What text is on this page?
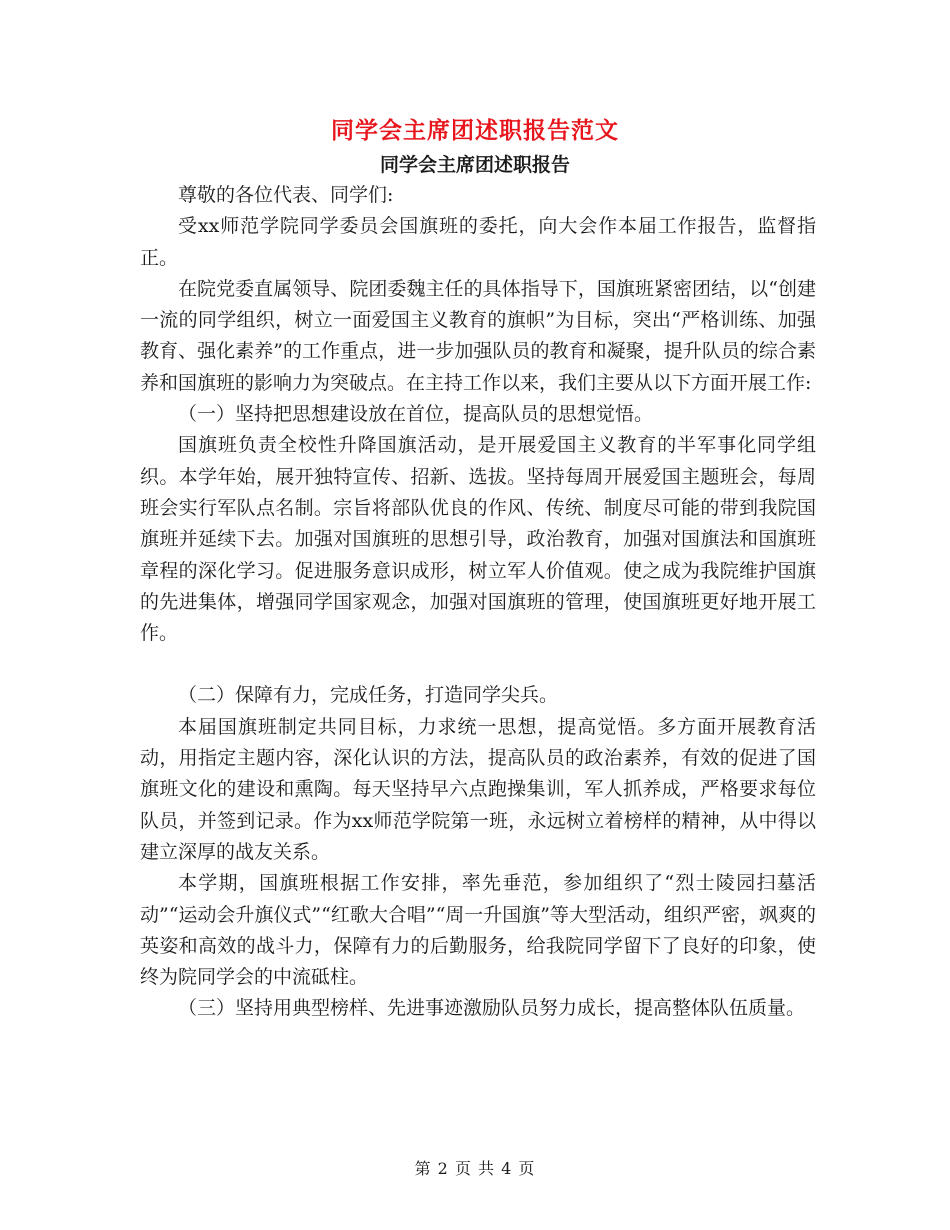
同学会主席团述职报告范文
同学会主席团述职报告

尊敬的各位代表、同学们:

受xx师范学院同学委员会国旗班的委托，向大会作本届工作报告，监督指正。

在院党委直属领导、院团委魏主任的具体指导下，国旗班紧密团结，以“创建一流的同学组织，树立一面爱国主义教育的旗帜”为目标，突出“严格训练、加强教育、强化素养”的工作重点，进一步加强队员的教育和凝聚，提升队员的综合素养和国旗班的影响力为突破点。在主持工作以来，我们主要从以下方面开展工作:

（一）坚持把思想建设放在首位，提高队员的思想觉悟。

国旗班负责全校性升降国旗活动，是开展爱国主义教育的半军事化同学组织。本学年始，展开独特宣传、招新、选拔。坚持每周开展爱国主题班会，每周班会实行军队点名制。宗旨将部队优良的作风、传统、制度尽可能的带到我院国旗班并延续下去。加强对国旗班的思想引导，政治教育，加强对国旗法和国旗班章程的深化学习。促进服务意识成形，树立军人价值观。使之成为我院维护国旗的先进集体，增强同学国家观念，加强对国旗班的管理，使国旗班更好地开展工作。

（二）保障有力，完成任务，打造同学尖兵。

本届国旗班制定共同目标，力求统一思想，提高觉悟。多方面开展教育活动，用指定主题内容，深化认识的方法，提高队员的政治素养，有效的促进了国旗班文化的建设和熏陶。每天坚持早六点跑操集训，军人抓养成，严格要求每位队员，并签到记录。作为xx师范学院第一班，永远树立着榜样的精神，从中得以建立深厚的战友关系。

本学期，国旗班根据工作安排，率先垂范，参加组织了“烈士陵园扫墓活动”“运动会升旗仪式”“红歌大合唱”“周一升国旗”等大型活动，组织严密，飒爽的英姿和高效的战斗力，保障有力的后勤服务，给我院同学留下了良好的印象，使终为院同学会的中流砥柱。

（三）坚持用典型榜样、先进事迹激励队员努力成长，提高整体队伍质量。

第 2 页 共 4 页
